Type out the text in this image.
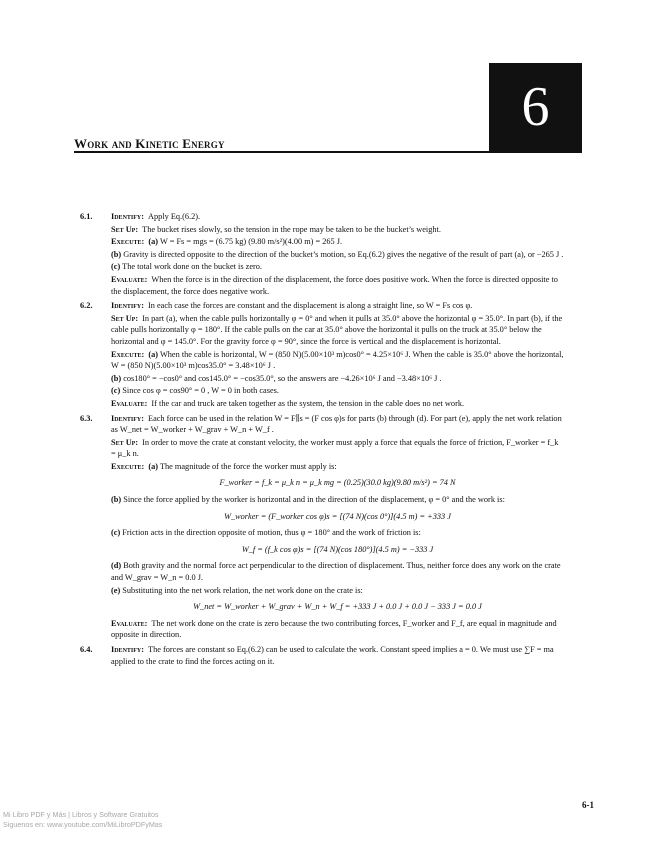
6
Work and Kinetic Energy
6.1. Identify: Apply Eq.(6.2).
Set Up: The bucket rises slowly, so the tension in the rope may be taken to be the bucket’s weight.
Execute: (a) W = Fs = mgs = (6.75 kg) (9.80 m/s²)(4.00 m) = 265 J.
(b) Gravity is directed opposite to the direction of the bucket’s motion, so Eq.(6.2) gives the negative of the result of part (a), or −265 J .
(c) The total work done on the bucket is zero.
Evaluate: When the force is in the direction of the displacement, the force does positive work. When the force is directed opposite to the displacement, the force does negative work.
6.2. Identify: In each case the forces are constant and the displacement is along a straight line, so W = Fs cos φ.
Set Up: In part (a), when the cable pulls horizontally φ = 0° and when it pulls at 35.0° above the horizontal φ = 35.0°. In part (b), if the cable pulls horizontally φ = 180°. If the cable pulls on the car at 35.0° above the horizontal it pulls on the truck at 35.0° below the horizontal and φ = 145.0°. For the gravity force φ = 90°, since the force is vertical and the displacement is horizontal.
Execute: (a) When the cable is horizontal, W = (850 N)(5.00×10³ m)cos0° = 4.25×10⁶ J. When the cable is 35.0° above the horizontal, W = (850 N)(5.00×10³ m)cos35.0° = 3.48×10⁶ J .
(b) cos180° = −cos0° and cos145.0° = −cos35.0°, so the answers are −4.26×10⁶ J and −3.48×10⁶ J .
(c) Since cos φ = cos90° = 0 , W = 0 in both cases.
Evaluate: If the car and truck are taken together as the system, the tension in the cable does no net work.
6.3. Identify: Each force can be used in the relation W = F∥s = (F cos φ)s for parts (b) through (d). For part (e), apply the net work relation as W_net = W_worker + W_grav + W_n + W_f .
Set Up: In order to move the crate at constant velocity, the worker must apply a force that equals the force of friction, F_worker = f_k = μ_k n.
Execute: (a) The magnitude of the force the worker must apply is:
F_worker = f_k = μ_k n = μ_k mg = (0.25)(30.0 kg)(9.80 m/s²) = 74 N
(b) Since the force applied by the worker is horizontal and in the direction of the displacement, φ = 0° and the work is:
W_worker = (F_worker cos φ)s = [(74 N)(cos 0°)](4.5 m) = +333 J
(c) Friction acts in the direction opposite of motion, thus φ = 180° and the work of friction is:
W_f = (f_k cos φ)s = [(74 N)(cos 180°)](4.5 m) = −333 J
(d) Both gravity and the normal force act perpendicular to the direction of displacement. Thus, neither force does any work on the crate and W_grav = W_n = 0.0 J.
(e) Substituting into the net work relation, the net work done on the crate is:
W_net = W_worker + W_grav + W_n + W_f = +333 J + 0.0 J + 0.0 J − 333 J = 0.0 J
Evaluate: The net work done on the crate is zero because the two contributing forces, F_worker and F_f, are equal in magnitude and opposite in direction.
6.4. Identify: The forces are constant so Eq.(6.2) can be used to calculate the work. Constant speed implies a = 0. We must use ∑F = ma applied to the crate to find the forces acting on it.
6-1
Mi Libro PDF y Más | Libros y Software Gratuitos
Siguenos en: www.youtube.com/MiLibroPDFyMas
